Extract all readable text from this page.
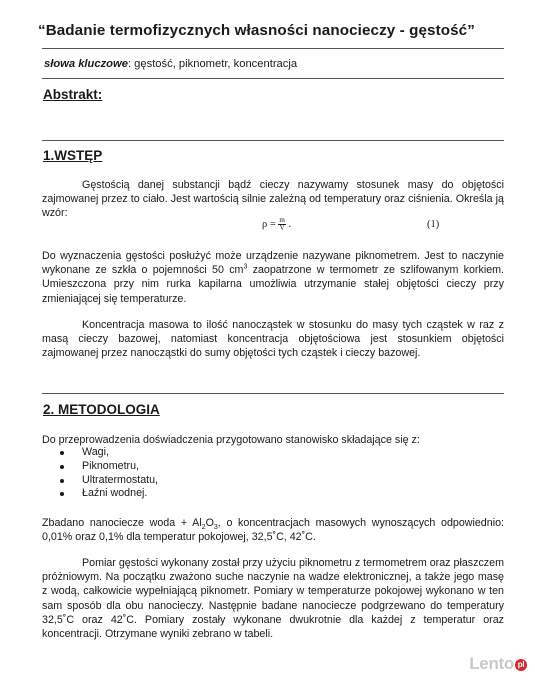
“Badanie termofizycznych własności nanocieczy - gęstość”
słowa kluczowe: gęstość, piknometr, koncentracja
Abstrakt:
1.WSTĘP
Gęstością danej substancji bądź cieczy nazywamy stosunek masy do objętości zajmowanej przez to ciało. Jest wartością silnie zależną od temperatury oraz ciśnienia. Określa ją wzór:
$\rho = \frac{m}{V}$ .	(1)
Do wyznaczenia gęstości posłużyć może urządzenie nazywane piknometrem. Jest to naczynie wykonane ze szkła o pojemności 50 $cm^3$ zaopatrzone w termometr ze szlifowanym korkiem. Umieszczona przy nim rurka kapilarna umożliwia utrzymanie stałej objętości cieczy przy zmieniającej się temperaturze.
Koncentracja masowa to ilość nanocząstek w stosunku do masy tych cząstek w raz z masą cieczy bazowej, natomiast koncentracja objętościowa jest stosunkiem objętości zajmowanej przez nanocząstki do sumy objętości tych cząstek i cieczy bazowej.
2. METODOLOGIA
Do przeprowadzenia doświadczenia przygotowano stanowisko składające się z:
Wagi,
Piknometru,
Ultratermostatu,
Łaźni wodnej.
Zbadano nanociecze woda + $Al_2O_3$, o koncentracjach masowych wynoszących odpowiednio: 0,01% oraz 0,1% dla temperatur pokojowej, 32,5˚C, 42˚C.
Pomiar gęstości wykonany został przy użyciu piknometru z termometrem oraz płaszczem próżniowym. Na początku zważono suche naczynie na wadze elektronicznej, a także jego masę z wodą, całkowicie wypełniającą piknometr. Pomiary w temperaturze pokojowej wykonano w ten sam sposób dla obu nanocieczy. Następnie badane nanociecze podgrzewano do temperatury 32,5˚C oraz 42˚C. Pomiary zostały wykonane dwukrotnie dla każdej z temperatur oraz koncentracji. Otrzymane wyniki zebrano w tabeli.
Lento pl
